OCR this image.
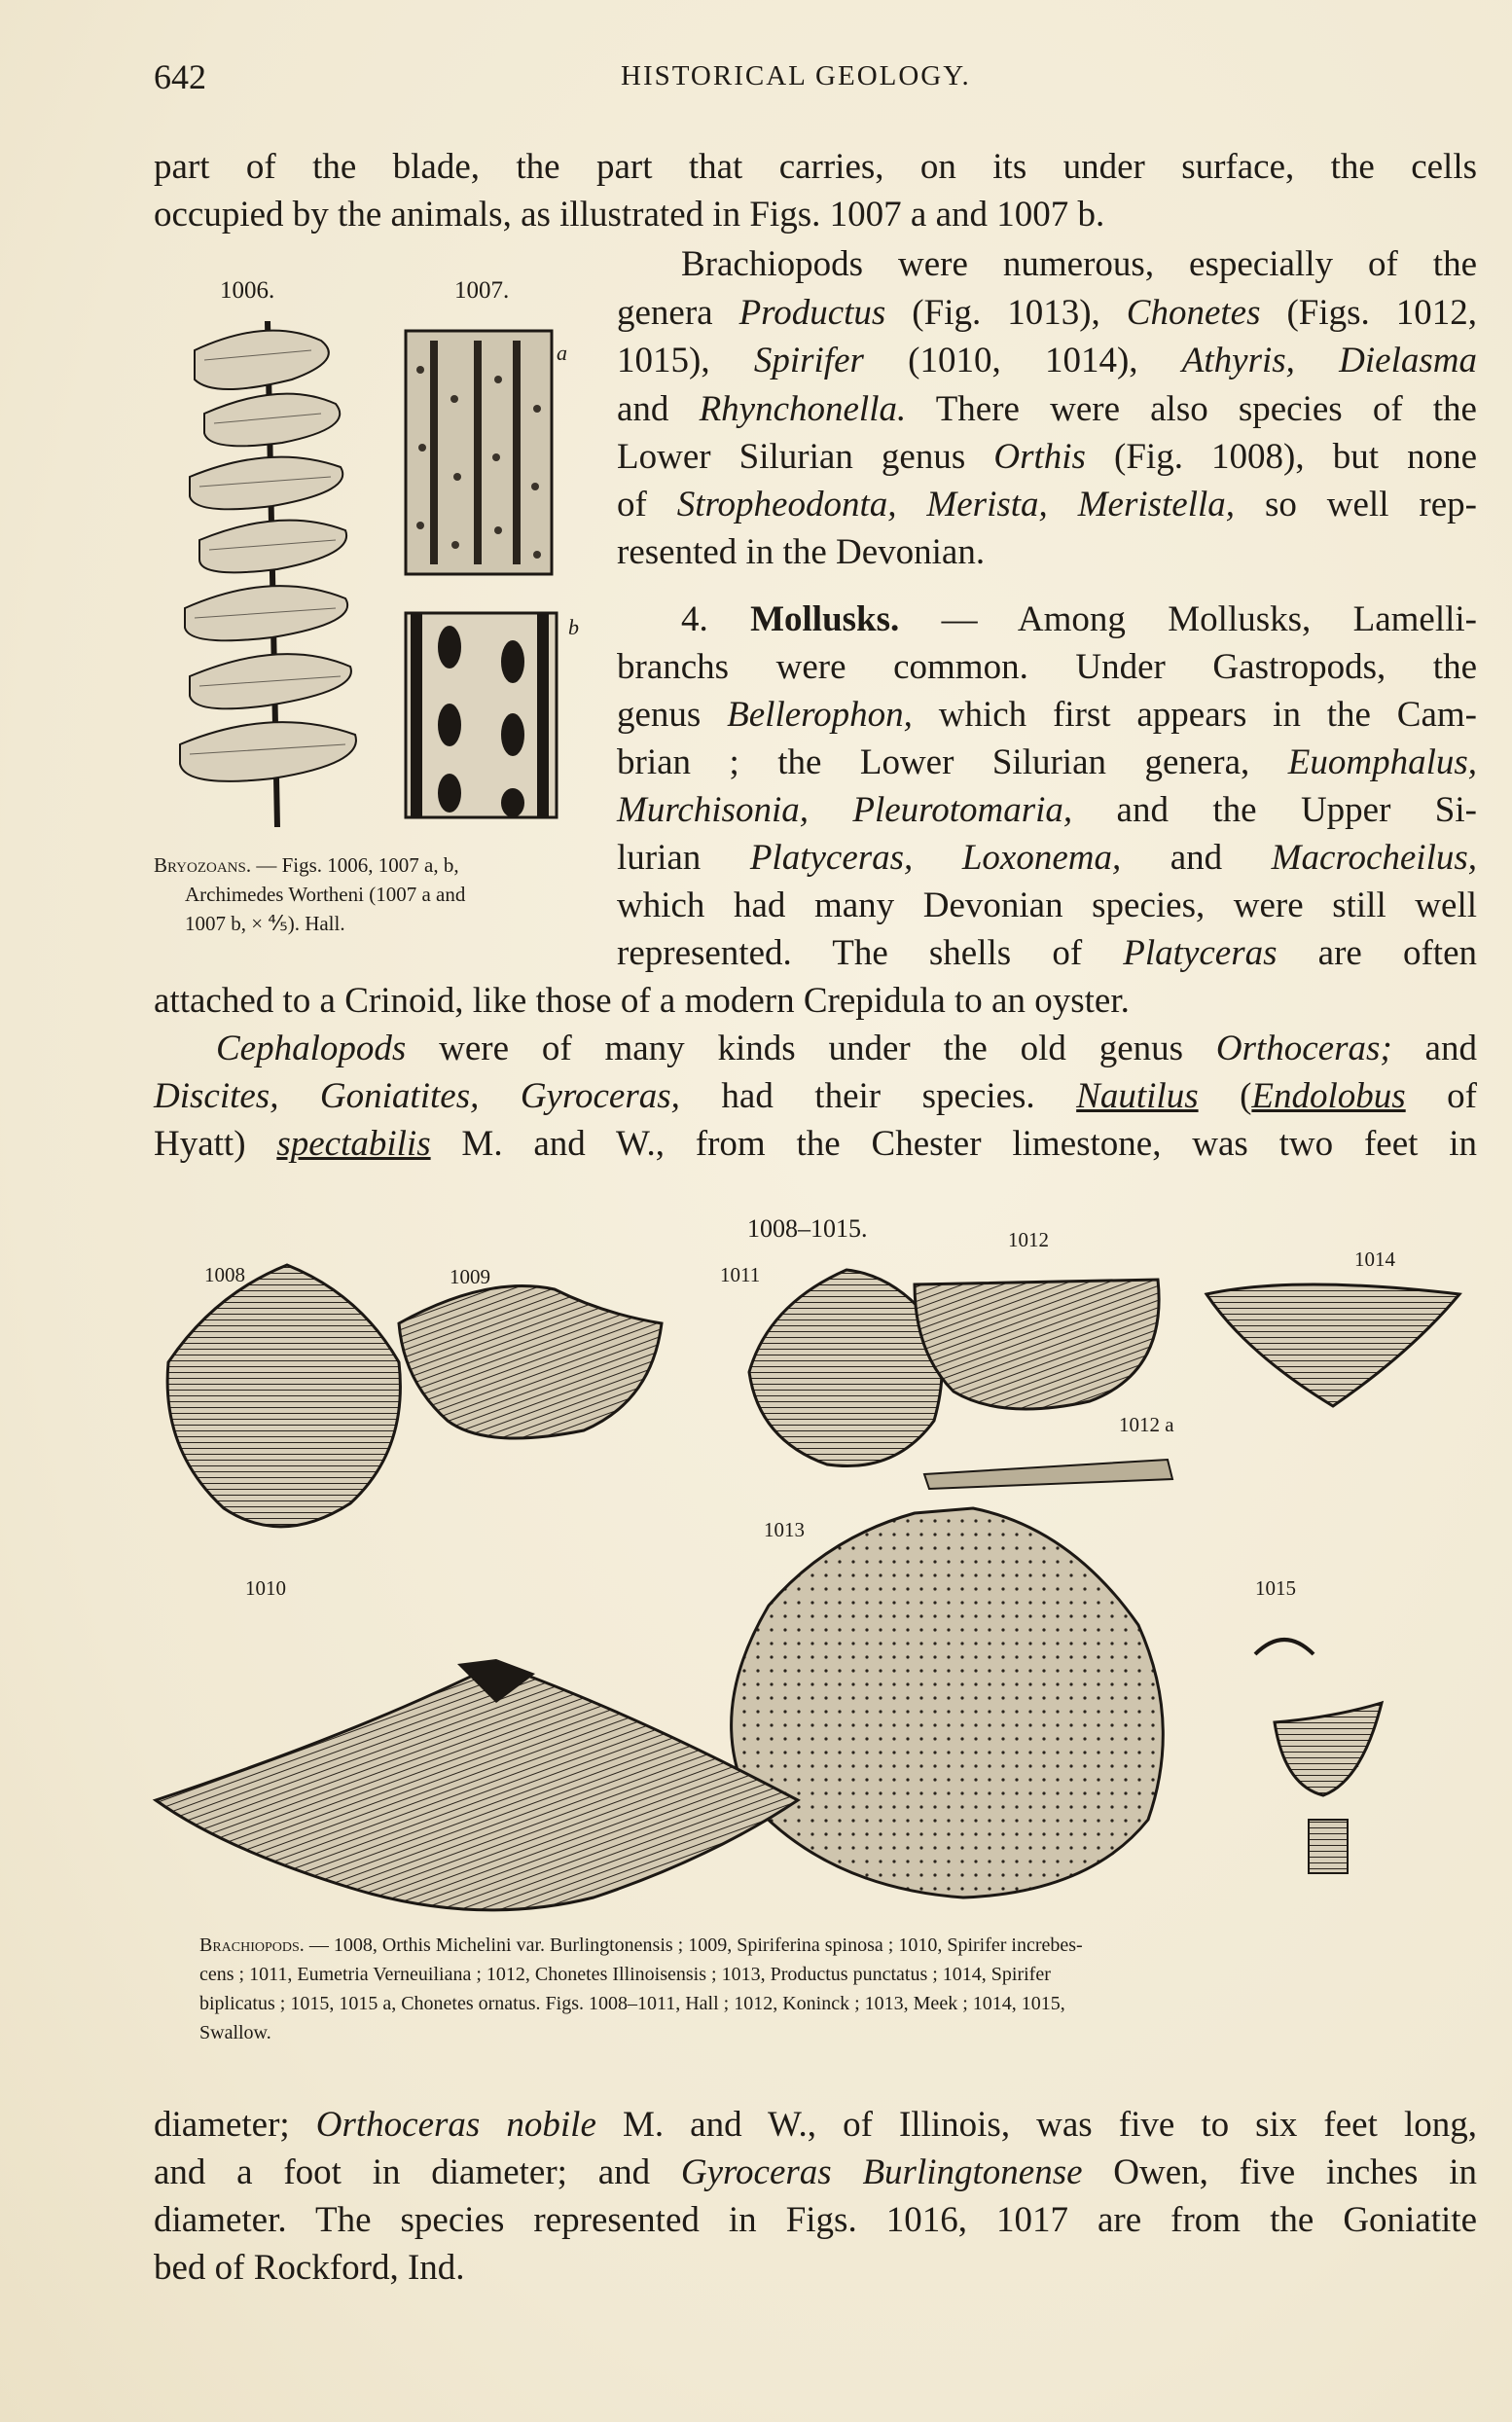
642	HISTORICAL GEOLOGY.
part of the blade, the part that carries, on its under surface, the cells
occupied by the animals, as illustrated in Figs. 1007 a and 1007 b.
1006.	1007.
a
b
Bryozoans. — Figs. 1006, 1007 a, b,
Archimedes Wortheni (1007 a and
1007 b, × ⅘). Hall.
Brachiopods were numerous, especially of the
genera Productus (Fig. 1013), Chonetes (Figs. 1012,
1015), Spirifer (1010, 1014), Athyris, Dielasma
and Rhynchonella. There were also species of the
Lower Silurian genus Orthis (Fig. 1008), but none
of Stropheodonta, Merista, Meristella, so well rep-
resented in the Devonian.
4. Mollusks. — Among Mollusks, Lamelli-
branchs were common. Under Gastropods, the
genus Bellerophon, which first appears in the Cam-
brian ; the Lower Silurian genera, Euomphalus,
Murchisonia, Pleurotomaria, and the Upper Si-
lurian Platyceras, Loxonema, and Macrocheilus,
which had many Devonian species, were still well
represented. The shells of Platyceras are often
attached to a Crinoid, like those of a modern Crepidula to an oyster.
Cephalopods were of many kinds under the old genus Orthoceras; and
Discites, Goniatites, Gyroceras, had their species. Nautilus (Endolobus of
Hyatt) spectabilis M. and W., from the Chester limestone, was two feet in
1008–1015.
1008	1009	1011
1012
1012 a
1014
1013
1010	1015
Brachiopods. — 1008, Orthis Michelini var. Burlingtonensis ; 1009, Spiriferina spinosa ; 1010, Spirifer increbes-
cens ; 1011, Eumetria Verneuiliana ; 1012, Chonetes Illinoisensis ; 1013, Productus punctatus ; 1014, Spirifer
biplicatus ; 1015, 1015 a, Chonetes ornatus. Figs. 1008–1011, Hall ; 1012, Koninck ; 1013, Meek ; 1014, 1015,
Swallow.
diameter; Orthoceras nobile M. and W., of Illinois, was five to six feet long,
and a foot in diameter; and Gyroceras Burlingtonense Owen, five inches in
diameter. The species represented in Figs. 1016, 1017 are from the Goniatite
bed of Rockford, Ind.
